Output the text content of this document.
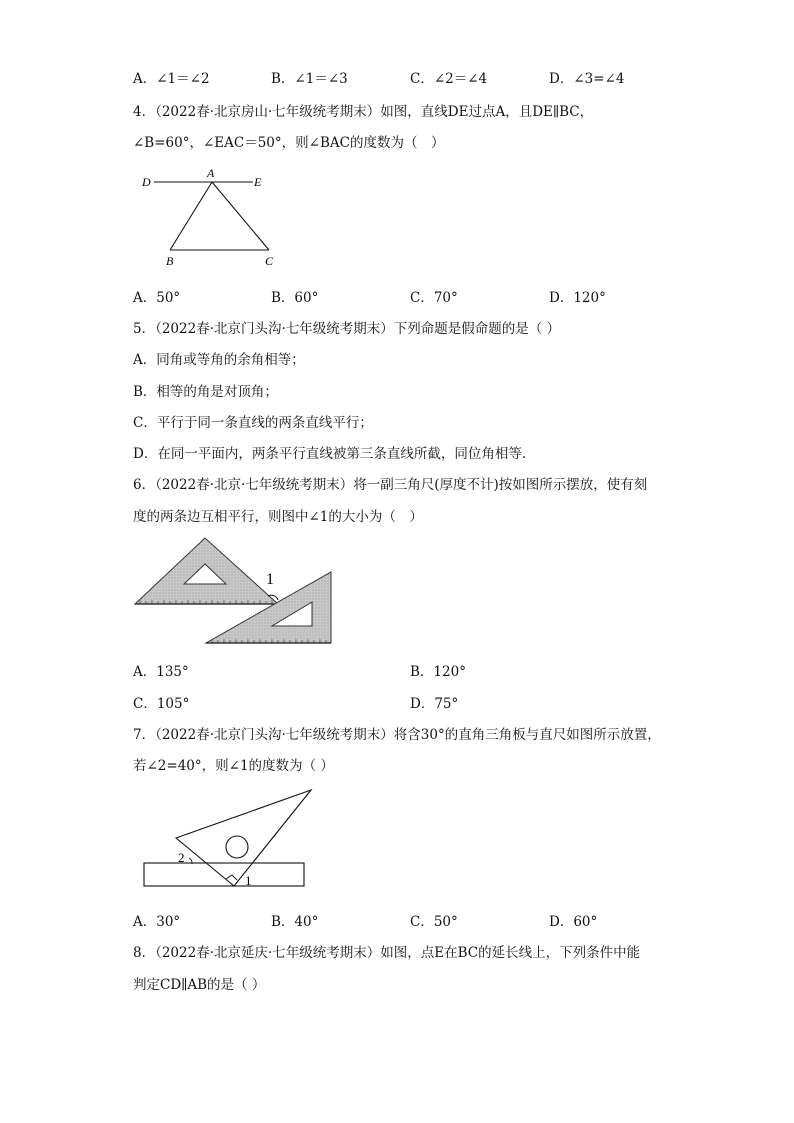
A．∠1＝∠2	B．∠1＝∠3	C．∠2＝∠4	D．∠3=∠4
4．（2022春·北京房山·七年级统考期末）如图，直线DE过点A，且DE∥BC，
∠B=60°，∠EAC＝50°，则∠BAC的度数为（　）
D
A
E
B	C
A．50°	B．60°	C．70°	D．120°
5．（2022春·北京门头沟·七年级统考期末）下列命题是假命题的是（ ）
A．同角或等角的余角相等；
B．相等的角是对顶角；
C．平行于同一条直线的两条直线平行；
D．在同一平面内，两条平行直线被第三条直线所截，同位角相等．
6．（2022春·北京·七年级统考期末）将一副三角尺(厚度不计)按如图所示摆放，使有刻
度的两条边互相平行，则图中∠1的大小为（　）
1
A．135°	B．120°
C．105°	D．75°
7．（2022春·北京门头沟·七年级统考期末）将含30°的直角三角板与直尺如图所示放置，
若∠2=40°，则∠1的度数为（ ）
2
1
A．30°	B．40°	C．50°	D．60°
8．（2022春·北京延庆·七年级统考期末）如图，点E在BC的延长线上，下列条件中能
判定CD∥AB的是（ ）
